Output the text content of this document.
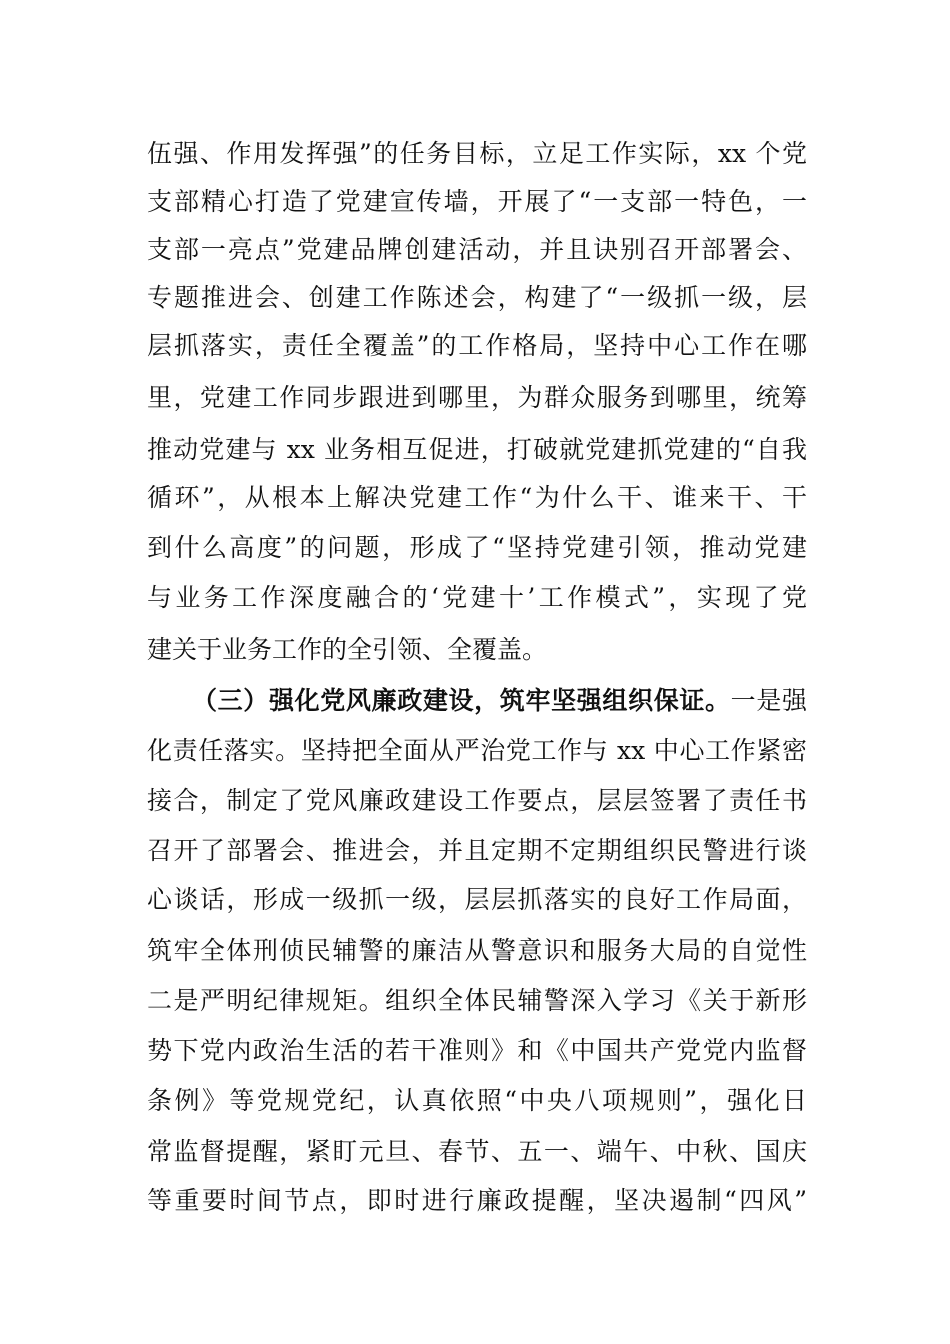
伍强、作用发挥强”的任务目标，立足工作实际，xx 个党
支部精心打造了党建宣传墙，开展了“一支部一特色，一
支部一亮点”党建品牌创建活动，并且诀别召开部署会、
专题推进会、创建工作陈述会，构建了“一级抓一级，层
层抓落实，责任全覆盖”的工作格局，坚持中心工作在哪
里，党建工作同步跟进到哪里，为群众服务到哪里，统筹
推动党建与 xx 业务相互促进，打破就党建抓党建的“自我
循环”，从根本上解决党建工作“为什么干、谁来干、干
到什么高度”的问题，形成了“坚持党建引领，推动党建
与业务工作深度融合的‘党建十’工作模式”，实现了党
建关于业务工作的全引领、全覆盖。
（三）强化党风廉政建设，筑牢坚强组织保证。一是强
化责任落实。坚持把全面从严治党工作与 xx 中心工作紧密
接合，制定了党风廉政建设工作要点，层层签署了责任书
召开了部署会、推进会，并且定期不定期组织民警进行谈
心谈话，形成一级抓一级，层层抓落实的良好工作局面，
筑牢全体刑侦民辅警的廉洁从警意识和服务大局的自觉性
二是严明纪律规矩。组织全体民辅警深入学习《关于新形
势下党内政治生活的若干准则》和《中国共产党党内监督
条例》等党规党纪，认真依照“中央八项规则”，强化日
常监督提醒，紧盯元旦、春节、五一、端午、中秋、国庆
等重要时间节点，即时进行廉政提醒，坚决遏制“四风”
